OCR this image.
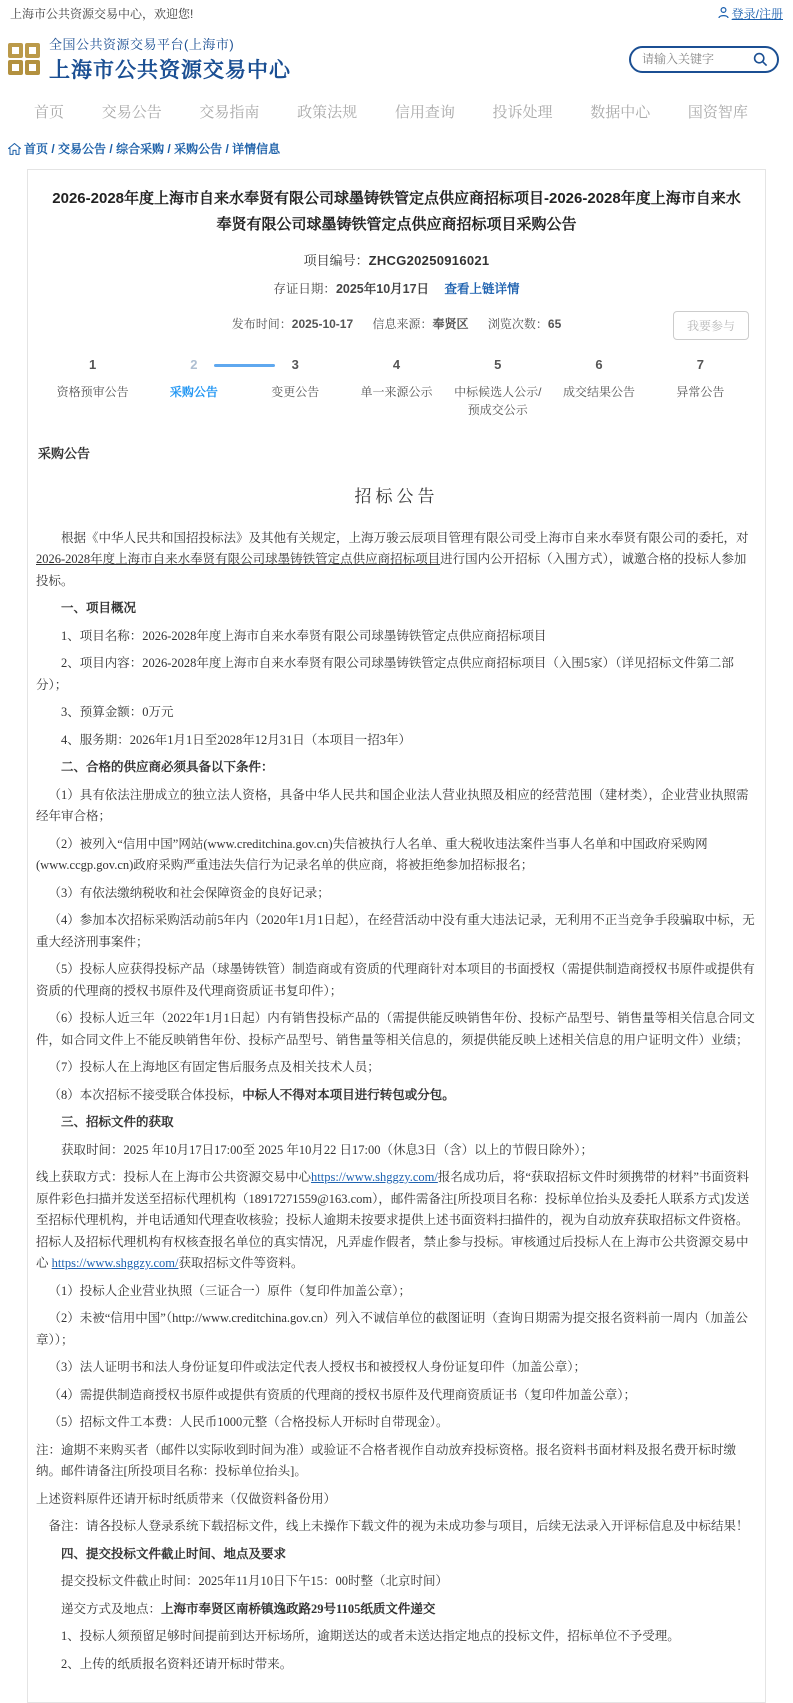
上海市公共资源交易中心，欢迎您!	登录/注册
全国公共资源交易平台(上海市)
上海市公共资源交易中心
请输入关键字
首页	交易公告	交易指南	政策法规	信用查询	投诉处理	数据中心	国资智库
首页 / 交易公告 / 综合采购 / 采购公告 / 详情信息
2026-2028年度上海市自来水奉贤有限公司球墨铸铁管定点供应商招标项目-2026-2028年度上海市自来水奉贤有限公司球墨铸铁管定点供应商招标项目采购公告
项目编号：ZHCG20250916021
存证日期：2025年10月17日 查看上链详情
发布时间：2025-10-17 信息来源：奉贤区 浏览次数：65	我要参与
1
资格预审公告
2
采购公告
3
变更公告
4
单一来源公示
5
中标候选人公示/预成交公示
6
成交结果公告
7
异常公告
采购公告
招标公告

根据《中华人民共和国招投标法》及其他有关规定，上海万骏云辰项目管理有限公司受上海市自来水奉贤有限公司的委托，对2026-2028年度上海市自来水奉贤有限公司球墨铸铁管定点供应商招标项目进行国内公开招标（入围方式），诚邀合格的投标人参加投标。

一、项目概况

1、项目名称：2026-2028年度上海市自来水奉贤有限公司球墨铸铁管定点供应商招标项目

2、项目内容：2026-2028年度上海市自来水奉贤有限公司球墨铸铁管定点供应商招标项目（入围5家）（详见招标文件第二部分）；

3、预算金额：0万元

4、服务期：2026年1月1日至2028年12月31日（本项目一招3年）

二、合格的供应商必须具备以下条件：

（1）具有依法注册成立的独立法人资格，具备中华人民共和国企业法人营业执照及相应的经营范围（建材类），企业营业执照需经年审合格；

（2）被列入“信用中国”网站(www.creditchina.gov.cn)失信被执行人名单、重大税收违法案件当事人名单和中国政府采购网(www.ccgp.gov.cn)政府采购严重违法失信行为记录名单的供应商，将被拒绝参加招标报名；

（3）有依法缴纳税收和社会保障资金的良好记录；

（4）参加本次招标采购活动前5年内（2020年1月1日起），在经营活动中没有重大违法记录，无利用不正当竞争手段骗取中标，无重大经济刑事案件；

（5）投标人应获得投标产品（球墨铸铁管）制造商或有资质的代理商针对本项目的书面授权（需提供制造商授权书原件或提供有资质的代理商的授权书原件及代理商资质证书复印件）；

（6）投标人近三年（2022年1月1日起）内有销售投标产品的（需提供能反映销售年份、投标产品型号、销售量等相关信息合同文件，如合同文件上不能反映销售年份、投标产品型号、销售量等相关信息的，须提供能反映上述相关信息的用户证明文件）业绩；

（7）投标人在上海地区有固定售后服务点及相关技术人员；

（8）本次招标不接受联合体投标，中标人不得对本项目进行转包或分包。

三、招标文件的获取

获取时间：2025 年10月17日17:00至 2025 年10月22 日17:00（休息3日（含）以上的节假日除外）；

线上获取方式：投标人在上海市公共资源交易中心https://www.shggzy.com/报名成功后，将“获取招标文件时须携带的材料”书面资料原件彩色扫描并发送至招标代理机构（18917271559@163.com），邮件需备注[所投项目名称：投标单位抬头及委托人联系方式]发送至招标代理机构，并电话通知代理查收核验；投标人逾期未按要求提供上述书面资料扫描件的，视为自动放弃获取招标文件资格。招标人及招标代理机构有权核查报名单位的真实情况，凡弄虚作假者，禁止参与投标。审核通过后投标人在上海市公共资源交易中心 https://www.shggzy.com/获取招标文件等资料。

（1）投标人企业营业执照（三证合一）原件（复印件加盖公章）；

（2）未被“信用中国”（http://www.creditchina.gov.cn）列入不诚信单位的截图证明（查询日期需为提交报名资料前一周内（加盖公章））；

（3）法人证明书和法人身份证复印件或法定代表人授权书和被授权人身份证复印件（加盖公章）；

（4）需提供制造商授权书原件或提供有资质的代理商的授权书原件及代理商资质证书（复印件加盖公章）；

（5）招标文件工本费：人民币1000元整（合格投标人开标时自带现金）。

注：逾期不来购买者（邮件以实际收到时间为准）或验证不合格者视作自动放弃投标资格。报名资料书面材料及报名费开标时缴纳。邮件请备注[所投项目名称：投标单位抬头]。

上述资料原件还请开标时纸质带来（仅做资料备份用）

备注：请各投标人登录系统下载招标文件，线上未操作下载文件的视为未成功参与项目，后续无法录入开评标信息及中标结果！

四、提交投标文件截止时间、地点及要求

提交投标文件截止时间：2025年11月10日下午15：00时整（北京时间）

递交方式及地点：上海市奉贤区南桥镇逸政路29号1105纸质文件递交

1、投标人须预留足够时间提前到达开标场所，逾期送达的或者未送达指定地点的投标文件，招标单位不予受理。

2、上传的纸质报名资料还请开标时带来。
